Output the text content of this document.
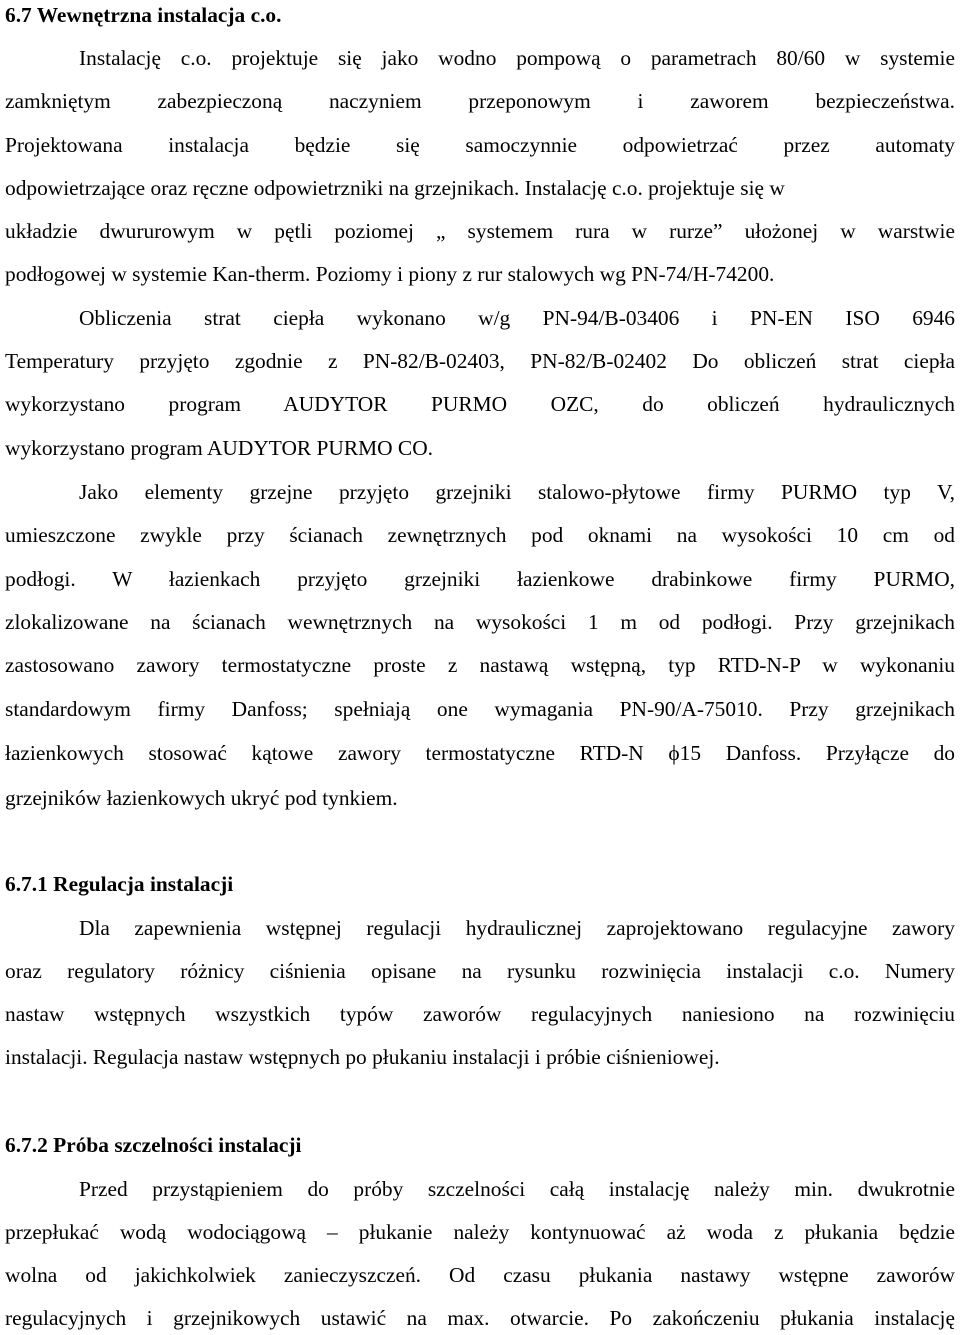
6.7 Wewnętrzna instalacja c.o.
Instalację c.o. projektuje się jako wodno pompową o parametrach 80/60 w systemie
zamkniętym zabezpieczoną naczyniem przeponowym i zaworem bezpieczeństwa.
Projektowana instalacja będzie się samoczynnie odpowietrzać przez automaty
odpowietrzające oraz ręczne odpowietrzniki na grzejnikach. Instalację c.o. projektuje się w
układzie dwururowym w pętli poziomej „ systemem rura w rurze” ułożonej w warstwie
podłogowej w systemie Kan-therm. Poziomy i piony z rur stalowych wg PN-74/H-74200.
Obliczenia strat ciepła wykonano w/g PN-94/B-03406 i PN-EN ISO 6946
Temperatury przyjęto zgodnie z PN-82/B-02403, PN-82/B-02402 Do obliczeń strat ciepła
wykorzystano program AUDYTOR PURMO OZC, do obliczeń hydraulicznych
wykorzystano program AUDYTOR PURMO CO.
Jako elementy grzejne przyjęto grzejniki stalowo-płytowe firmy PURMO typ V,
umieszczone zwykle przy ścianach zewnętrznych pod oknami na wysokości 10 cm od
podłogi. W łazienkach przyjęto grzejniki łazienkowe drabinkowe firmy PURMO,
zlokalizowane na ścianach wewnętrznych na wysokości 1 m od podłogi. Przy grzejnikach
zastosowano zawory termostatyczne proste z nastawą wstępną, typ RTD-N-P w wykonaniu
standardowym firmy Danfoss; spełniają one wymagania PN-90/A-75010. Przy grzejnikach
łazienkowych stosować kątowe zawory termostatyczne RTD-N ϕ15 Danfoss. Przyłącze do
grzejników łazienkowych ukryć pod tynkiem.
6.7.1 Regulacja instalacji
Dla zapewnienia wstępnej regulacji hydraulicznej zaprojektowano regulacyjne zawory
oraz regulatory różnicy ciśnienia opisane na rysunku rozwinięcia instalacji c.o. Numery
nastaw wstępnych wszystkich typów zaworów regulacyjnych naniesiono na rozwinięciu
instalacji. Regulacja nastaw wstępnych po płukaniu instalacji i próbie ciśnieniowej.
6.7.2 Próba szczelności instalacji
Przed przystąpieniem do próby szczelności całą instalację należy min. dwukrotnie
przepłukać wodą wodociągową – płukanie należy kontynuować aż woda z płukania będzie
wolna od jakichkolwiek zanieczyszczeń. Od czasu płukania nastawy wstępne zaworów
regulacyjnych i grzejnikowych ustawić na max. otwarcie. Po zakończeniu płukania instalację
